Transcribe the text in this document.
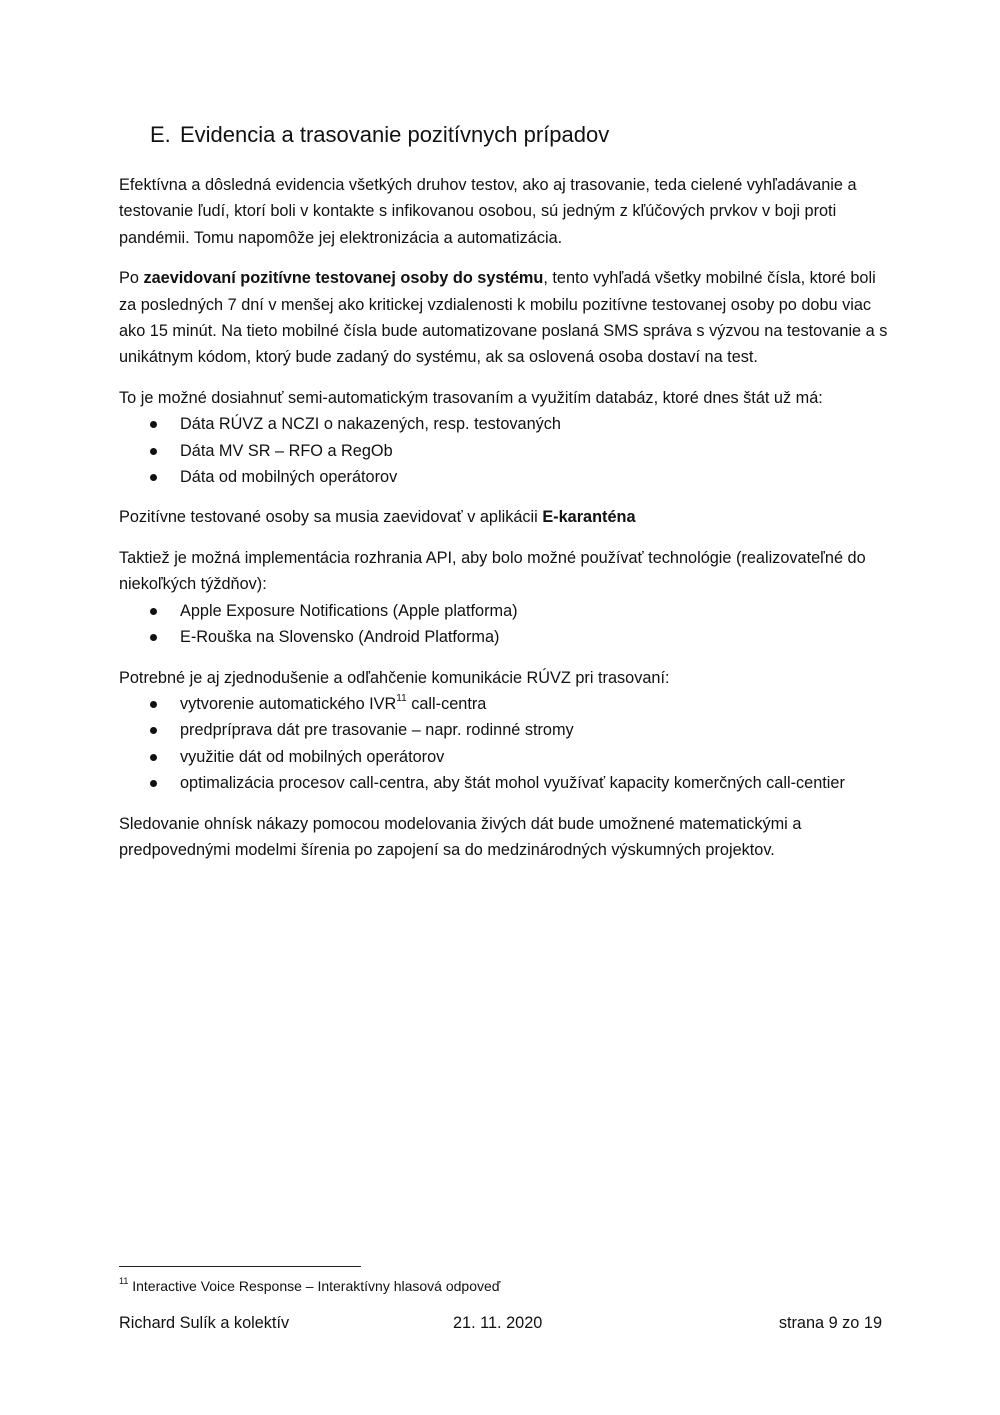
E. Evidencia a trasovanie pozitívnych prípadov

Efektívna a dôsledná evidencia všetkých druhov testov, ako aj trasovanie, teda cielené vyhľadávanie a testovanie ľudí, ktorí boli v kontakte s infikovanou osobou, sú jedným z kľúčových prvkov v boji proti pandémii. Tomu napomôže jej elektronizácia a automatizácia.

Po zaevidovaní pozitívne testovanej osoby do systému, tento vyhľadá všetky mobilné čísla, ktoré boli za posledných 7 dní v menšej ako kritickej vzdialenosti k mobilu pozitívne testovanej osoby po dobu viac ako 15 minút. Na tieto mobilné čísla bude automatizovane poslaná SMS správa s výzvou na testovanie a s unikátnym kódom, ktorý bude zadaný do systému, ak sa oslovená osoba dostaví na test.

To je možné dosiahnuť semi-automatickým trasovaním a využitím databáz, ktoré dnes štát už má:

Dáta RÚVZ a NCZI o nakazených, resp. testovaných
Dáta MV SR – RFO a RegOb
Dáta od mobilných operátorov

Pozitívne testované osoby sa musia zaevidovať v aplikácii E-karanténa

Taktiež je možná implementácia rozhrania API, aby bolo možné používať technológie (realizovateľné do niekoľkých týždňov):

Apple Exposure Notifications (Apple platforma)
E-Rouška na Slovensko (Android Platforma)

Potrebné je aj zjednodušenie a odľahčenie komunikácie RÚVZ pri trasovaní:

vytvorenie automatického IVR$^{11}$ call-centra
predpríprava dát pre trasovanie – napr. rodinné stromy
využitie dát od mobilných operátorov
optimalizácia procesov call-centra, aby štát mohol využívať kapacity komerčných call-centier

Sledovanie ohnísk nákazy pomocou modelovania živých dát bude umožnené matematickými a predpovednými modelmi šírenia po zapojení sa do medzinárodných výskumných projektov.

$^{11}$ Interactive Voice Response – Interaktívny hlasová odpoveď
Richard Sulík a kolektív	21. 11. 2020	strana 9 zo 19
